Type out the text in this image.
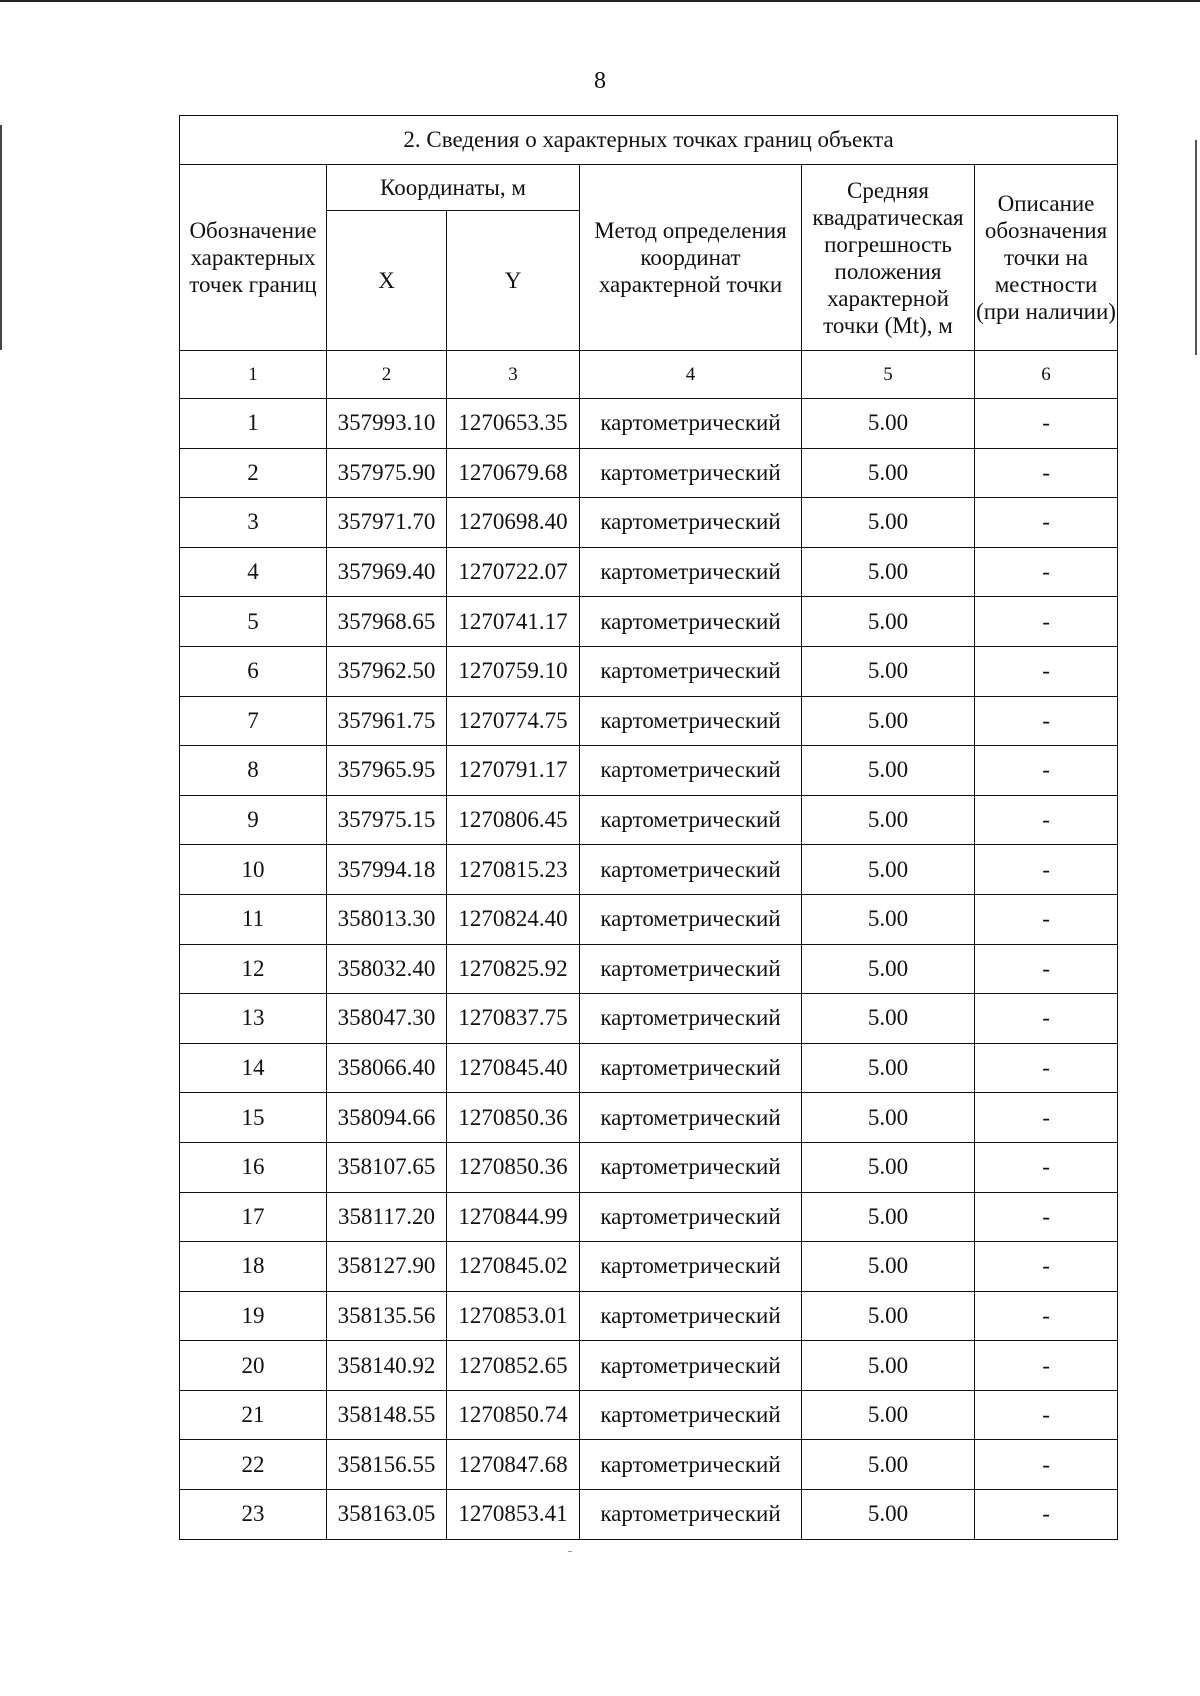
8
2. Сведения о характерных точках границ объекта					
Обозначение характерных точек границ	Координаты, м		Метод определения координат характерной точки	Средняя квадратическая погрешность положения характерной точки (Mt), м	Описание обозначения точки на местности (при наличии)
	X	Y			
1	2	3	4	5	6
1	357993.10	1270653.35	картометрический	5.00	-
2	357975.90	1270679.68	картометрический	5.00	-
3	357971.70	1270698.40	картометрический	5.00	-
4	357969.40	1270722.07	картометрический	5.00	-
5	357968.65	1270741.17	картометрический	5.00	-
6	357962.50	1270759.10	картометрический	5.00	-
7	357961.75	1270774.75	картометрический	5.00	-
8	357965.95	1270791.17	картометрический	5.00	-
9	357975.15	1270806.45	картометрический	5.00	-
10	357994.18	1270815.23	картометрический	5.00	-
11	358013.30	1270824.40	картометрический	5.00	-
12	358032.40	1270825.92	картометрический	5.00	-
13	358047.30	1270837.75	картометрический	5.00	-
14	358066.40	1270845.40	картометрический	5.00	-
15	358094.66	1270850.36	картометрический	5.00	-
16	358107.65	1270850.36	картометрический	5.00	-
17	358117.20	1270844.99	картометрический	5.00	-
18	358127.90	1270845.02	картометрический	5.00	-
19	358135.56	1270853.01	картометрический	5.00	-
20	358140.92	1270852.65	картометрический	5.00	-
21	358148.55	1270850.74	картометрический	5.00	-
22	358156.55	1270847.68	картометрический	5.00	-
23	358163.05	1270853.41	картометрический	5.00	-
